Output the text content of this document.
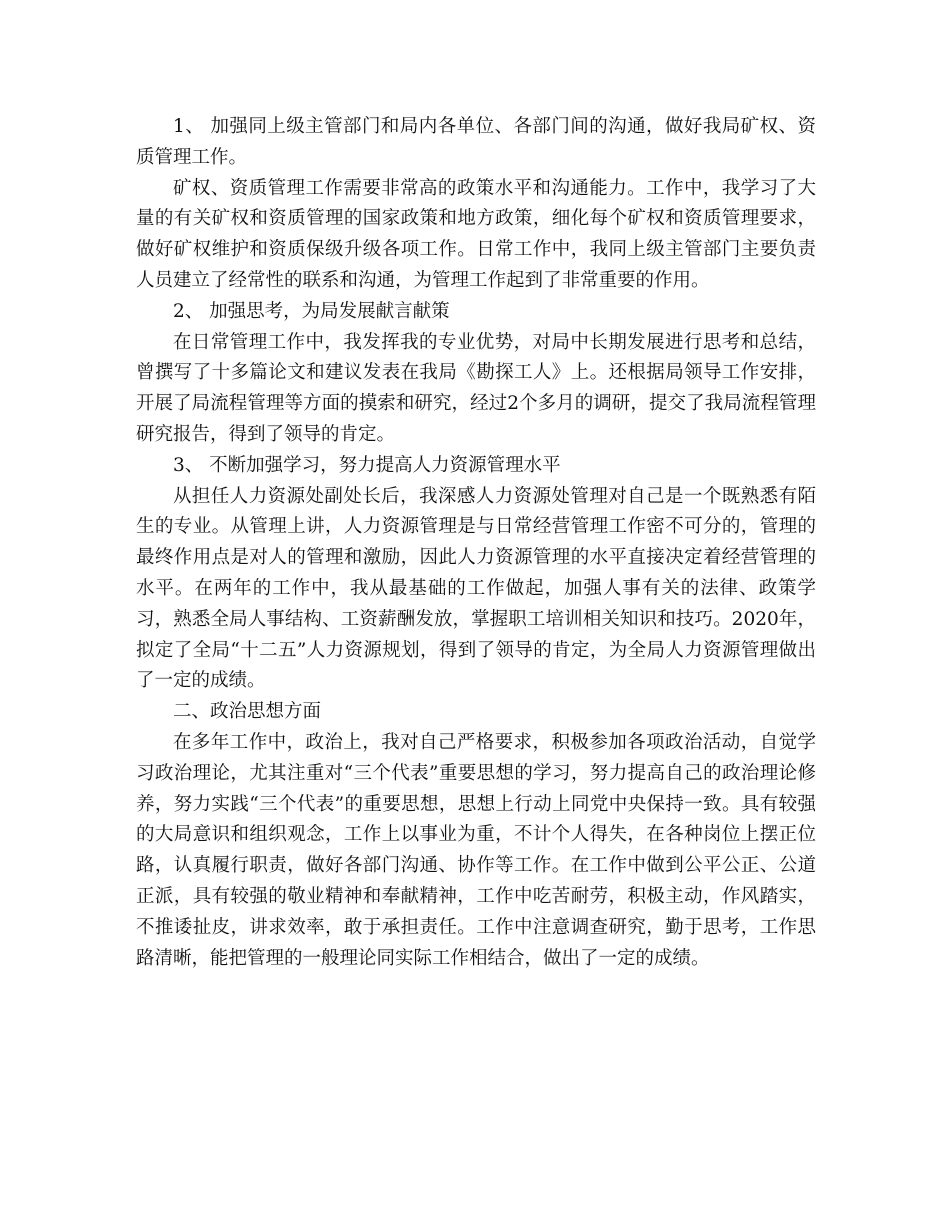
1、 加强同上级主管部门和局内各单位、各部门间的沟通，做好我局矿权、资质管理工作。

矿权、资质管理工作需要非常高的政策水平和沟通能力。工作中，我学习了大量的有关矿权和资质管理的国家政策和地方政策，细化每个矿权和资质管理要求，做好矿权维护和资质保级升级各项工作。日常工作中，我同上级主管部门主要负责人员建立了经常性的联系和沟通，为管理工作起到了非常重要的作用。

2、 加强思考，为局发展献言献策

在日常管理工作中，我发挥我的专业优势，对局中长期发展进行思考和总结，曾撰写了十多篇论文和建议发表在我局《勘探工人》上。还根据局领导工作安排，开展了局流程管理等方面的摸索和研究，经过2个多月的调研，提交了我局流程管理研究报告，得到了领导的肯定。

3、 不断加强学习，努力提高人力资源管理水平

从担任人力资源处副处长后，我深感人力资源处管理对自己是一个既熟悉有陌生的专业。从管理上讲，人力资源管理是与日常经营管理工作密不可分的，管理的最终作用点是对人的管理和激励，因此人力资源管理的水平直接决定着经营管理的水平。在两年的工作中，我从最基础的工作做起，加强人事有关的法律、政策学习，熟悉全局人事结构、工资薪酬发放，掌握职工培训相关知识和技巧。2020年，拟定了全局“十二五”人力资源规划，得到了领导的肯定，为全局人力资源管理做出了一定的成绩。

二、政治思想方面

在多年工作中，政治上，我对自己严格要求，积极参加各项政治活动，自觉学习政治理论，尤其注重对“三个代表”重要思想的学习，努力提高自己的政治理论修养，努力实践“三个代表”的重要思想，思想上行动上同党中央保持一致。具有较强的大局意识和组织观念，工作上以事业为重，不计个人得失，在各种岗位上摆正位路，认真履行职责，做好各部门沟通、协作等工作。在工作中做到公平公正、公道正派，具有较强的敬业精神和奉献精神，工作中吃苦耐劳，积极主动，作风踏实，不推诿扯皮，讲求效率，敢于承担责任。工作中注意调查研究，勤于思考，工作思路清晰，能把管理的一般理论同实际工作相结合，做出了一定的成绩。
